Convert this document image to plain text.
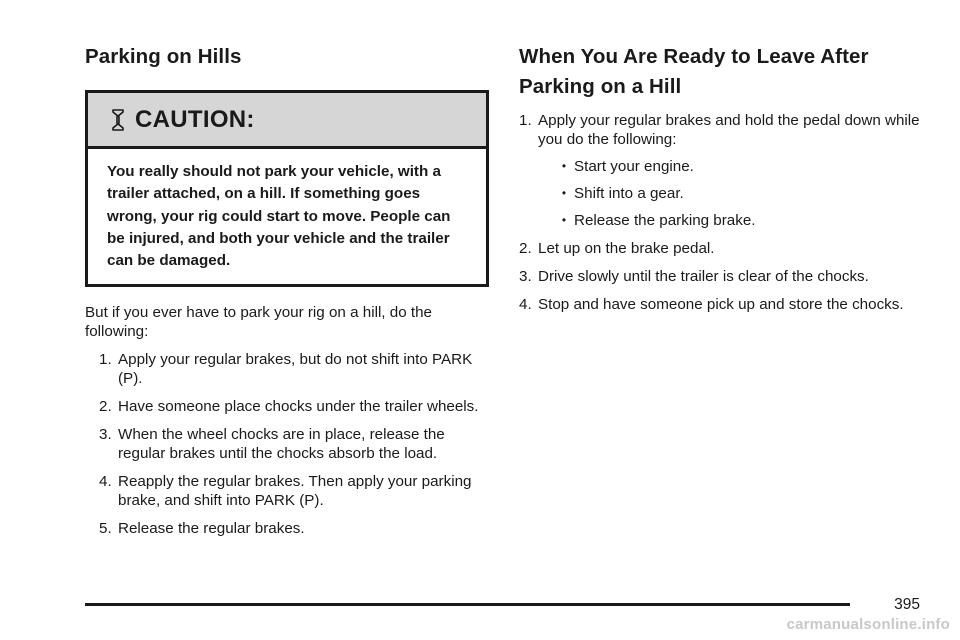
Parking on Hills
CAUTION:
You really should not park your vehicle, with a trailer attached, on a hill. If something goes wrong, your rig could start to move. People can be injured, and both your vehicle and the trailer can be damaged.

But if you ever have to park your rig on a hill, do the following:

1. Apply your regular brakes, but do not shift into PARK (P).
2. Have someone place chocks under the trailer wheels.
3. When the wheel chocks are in place, release the regular brakes until the chocks absorb the load.
4. Reapply the regular brakes. Then apply your parking brake, and shift into PARK (P).
5. Release the regular brakes.
When You Are Ready to Leave After Parking on a Hill
1. Apply your regular brakes and hold the pedal down while you do the following:
• Start your engine.
• Shift into a gear.
• Release the parking brake.
2. Let up on the brake pedal.
3. Drive slowly until the trailer is clear of the chocks.
4. Stop and have someone pick up and store the chocks.
395
carmanualsonline.info
